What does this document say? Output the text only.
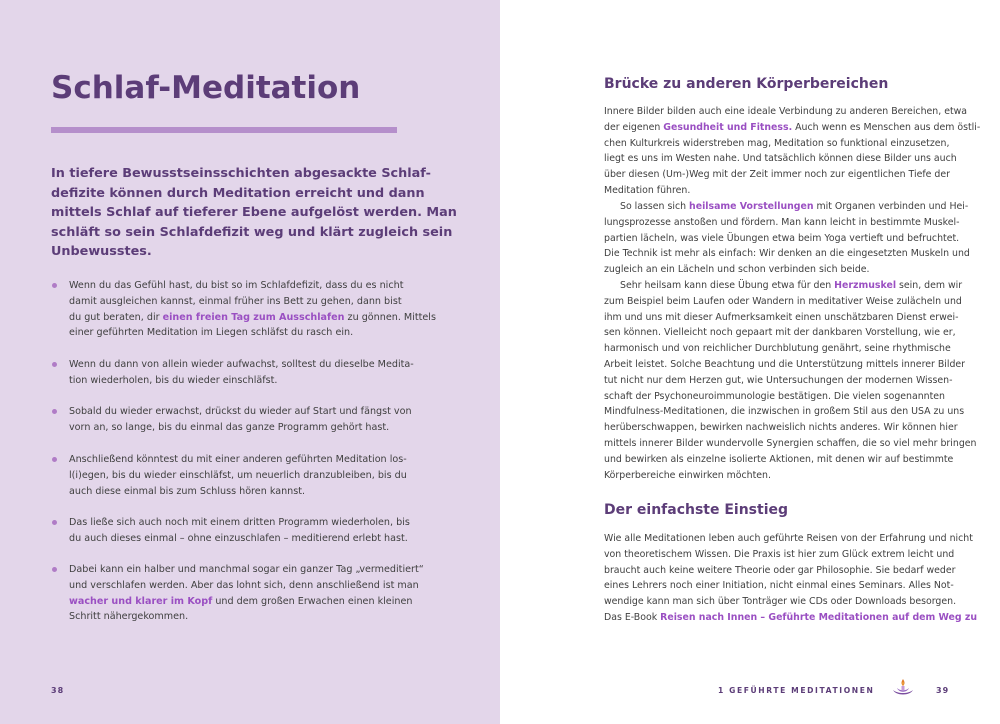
Schlaf-Meditation
In tiefere Bewusstseinsschichten abgesackte Schlaf-
defizite können durch Meditation erreicht und dann
mittels Schlaf auf tieferer Ebene aufgelöst werden. Man
schläft so sein Schlafdefizit weg und klärt zugleich sein
Unbewusstes.
Wenn du das Gefühl hast, du bist so im Schlafdefizit, dass du es nicht
damit ausgleichen kannst, einmal früher ins Bett zu gehen, dann bist
du gut beraten, dir einen freien Tag zum Ausschlafen zu gönnen. Mittels
einer geführten Meditation im Liegen schläfst du rasch ein.
Wenn du dann von allein wieder aufwachst, solltest du dieselbe Medita-
tion wiederholen, bis du wieder einschläfst.
Sobald du wieder erwachst, drückst du wieder auf Start und fängst von
vorn an, so lange, bis du einmal das ganze Programm gehört hast.
Anschließend könntest du mit einer anderen geführten Meditation los-
l(i)egen, bis du wieder einschläfst, um neuerlich dranzubleiben, bis du
auch diese einmal bis zum Schluss hören kannst.
Das ließe sich auch noch mit einem dritten Programm wiederholen, bis
du auch dieses einmal – ohne einzuschlafen – meditierend erlebt hast.
Dabei kann ein halber und manchmal sogar ein ganzer Tag „vermeditiert“
und verschlafen werden. Aber das lohnt sich, denn anschließend ist man
wacher und klarer im Kopf und dem großen Erwachen einen kleinen
Schritt nähergekommen.
38
Brücke zu anderen Körperbereichen
Innere Bilder bilden auch eine ideale Verbindung zu anderen Bereichen, etwa
der eigenen Gesundheit und Fitness. Auch wenn es Menschen aus dem östli-
chen Kulturkreis widerstreben mag, Meditation so funktional einzusetzen,
liegt es uns im Westen nahe. Und tatsächlich können diese Bilder uns auch
über diesen (Um-)Weg mit der Zeit immer noch zur eigentlichen Tiefe der
Meditation führen.
So lassen sich heilsame Vorstellungen mit Organen verbinden und Hei-
lungsprozesse anstoßen und fördern. Man kann leicht in bestimmte Muskel-
partien lächeln, was viele Übungen etwa beim Yoga vertieft und befruchtet.
Die Technik ist mehr als einfach: Wir denken an die eingesetzten Muskeln und
zugleich an ein Lächeln und schon verbinden sich beide.
Sehr heilsam kann diese Übung etwa für den Herzmuskel sein, dem wir
zum Beispiel beim Laufen oder Wandern in meditativer Weise zulächeln und
ihm und uns mit dieser Aufmerksamkeit einen unschätzbaren Dienst erwei-
sen können. Vielleicht noch gepaart mit der dankbaren Vorstellung, wie er,
harmonisch und von reichlicher Durchblutung genährt, seine rhythmische
Arbeit leistet. Solche Beachtung und die Unterstützung mittels innerer Bilder
tut nicht nur dem Herzen gut, wie Untersuchungen der modernen Wissen-
schaft der Psychoneuroimmunologie bestätigen. Die vielen sogenannten
Mindfulness-Meditationen, die inzwischen in großem Stil aus den USA zu uns
herüberschwappen, bewirken nachweislich nichts anderes. Wir können hier
mittels innerer Bilder wundervolle Synergien schaffen, die so viel mehr bringen
und bewirken als einzelne isolierte Aktionen, mit denen wir auf bestimmte
Körperbereiche einwirken möchten.
Der einfachste Einstieg
Wie alle Meditationen leben auch geführte Reisen von der Erfahrung und nicht
von theoretischem Wissen. Die Praxis ist hier zum Glück extrem leicht und
braucht auch keine weitere Theorie oder gar Philosophie. Sie bedarf weder
eines Lehrers noch einer Initiation, nicht einmal eines Seminars. Alles Not-
wendige kann man sich über Tonträger wie CDs oder Downloads besorgen.
Das E-Book Reisen nach Innen – Geführte Meditationen auf dem Weg zu
1 GEFÜHRTE MEDITATIONEN	39
